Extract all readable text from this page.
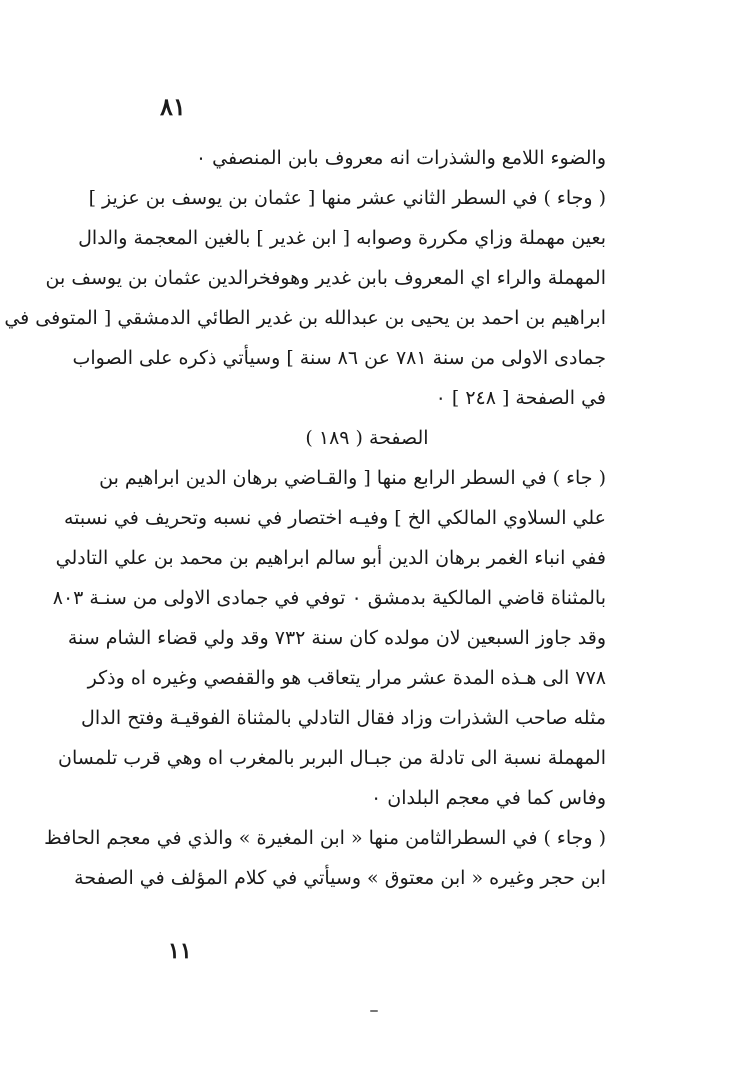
٨١
والضوء اللامع والشذرات انه معروف بابن المنصفي ٠
( وجاء ) في السطر الثاني عشر منها [ عثمان بن يوسف بن عزيز ]
بعين مهملة وزاي مكررة وصوابه [ ابن غدير ] بالغين المعجمة والدال
المهملة والراء اي المعروف بابن غدير وهوفخرالدين عثمان بن يوسف بن
ابراهيم بن احمد بن يحيى بن عبدالله بن غدير الطائي الدمشقي [ المتوفى في
جمادى الاولى من سنة ٧٨١ عن ٨٦ سنة ] وسيأتي ذكره على الصواب
في الصفحة [ ٢٤٨ ] ٠
الصفحة ( ١٨٩ )
( جاء ) في السطر الرابع منها [ والقـاضي برهان الدين ابراهيم بن
علي السلاوي المالكي الخ ] وفيـه اختصار في نسبه وتحريف في نسبته
ففي انباء الغمر برهان الدين أبو سالم ابراهيم بن محمد بن علي التادلي
بالمثناة قاضي المالكية بدمشق ٠ توفي في جمادى الاولى من سنـة ٨٠٣
وقد جاوز السبعين لان مولده كان سنة ٧٣٢ وقد ولي قضاء الشام سنة
٧٧٨ الى هـذه المدة عشر مرار يتعاقب هو والقفصي وغيره اه وذكر
مثله صاحب الشذرات وزاد فقال التادلي بالمثناة الفوقيـة وفتح الدال
المهملة نسبة الى تادلة من جبـال البربر بالمغرب اه وهي قرب تلمسان
وفاس كما في معجم البلدان ٠
( وجاء ) في السطرالثامن منها « ابن المغيرة » والذي في معجم الحافظ
ابن حجر وغيره « ابن معتوق » وسيأتي في كلام المؤلف في الصفحة
١١
